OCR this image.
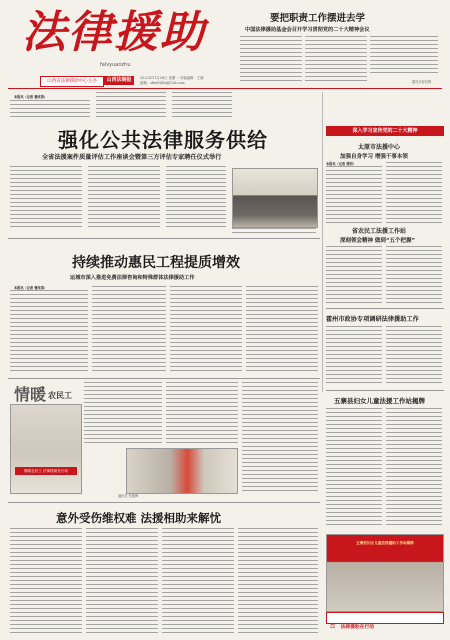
法律援助
falvyuanzhu
山西省法律援助中心主办	山西法制报	2022年11月28日 星期一 本版编辑：王晓
邮箱：sfzw1456@126.com
要把职责工作摆进去学
中国法律援助基金会召开学习贯彻党的二十大精神会议
据司法部官网
强化公共法律服务供给
全省法援案件质量评估工作座谈会暨第三方评估专家聘任仪式举行
本报讯（记者 曹改茵）
深入学习宣传党的二十大精神
太原市法援中心
加强自身学习 增强干事本领
本报讯（记者 贾明）
省农民工法援工作站
深刻领会精神 做到“五个把握”
持续推动惠民工程提质增效
运城市深入推进免费法律咨询和特殊群体法律援助工作
本报讯（记者 曹改茵）
霍州市政协专项调研法律援助工作
情暖 农民工
情暖农民工 法律援助在行动
通讯员 张惠梅
五寨县妇女儿童法援工作站揭牌
意外受伤维权难 法援相助来解忧
五寨县妇女儿童法律援助工作站揭牌
⚖ 法律援助在行动
